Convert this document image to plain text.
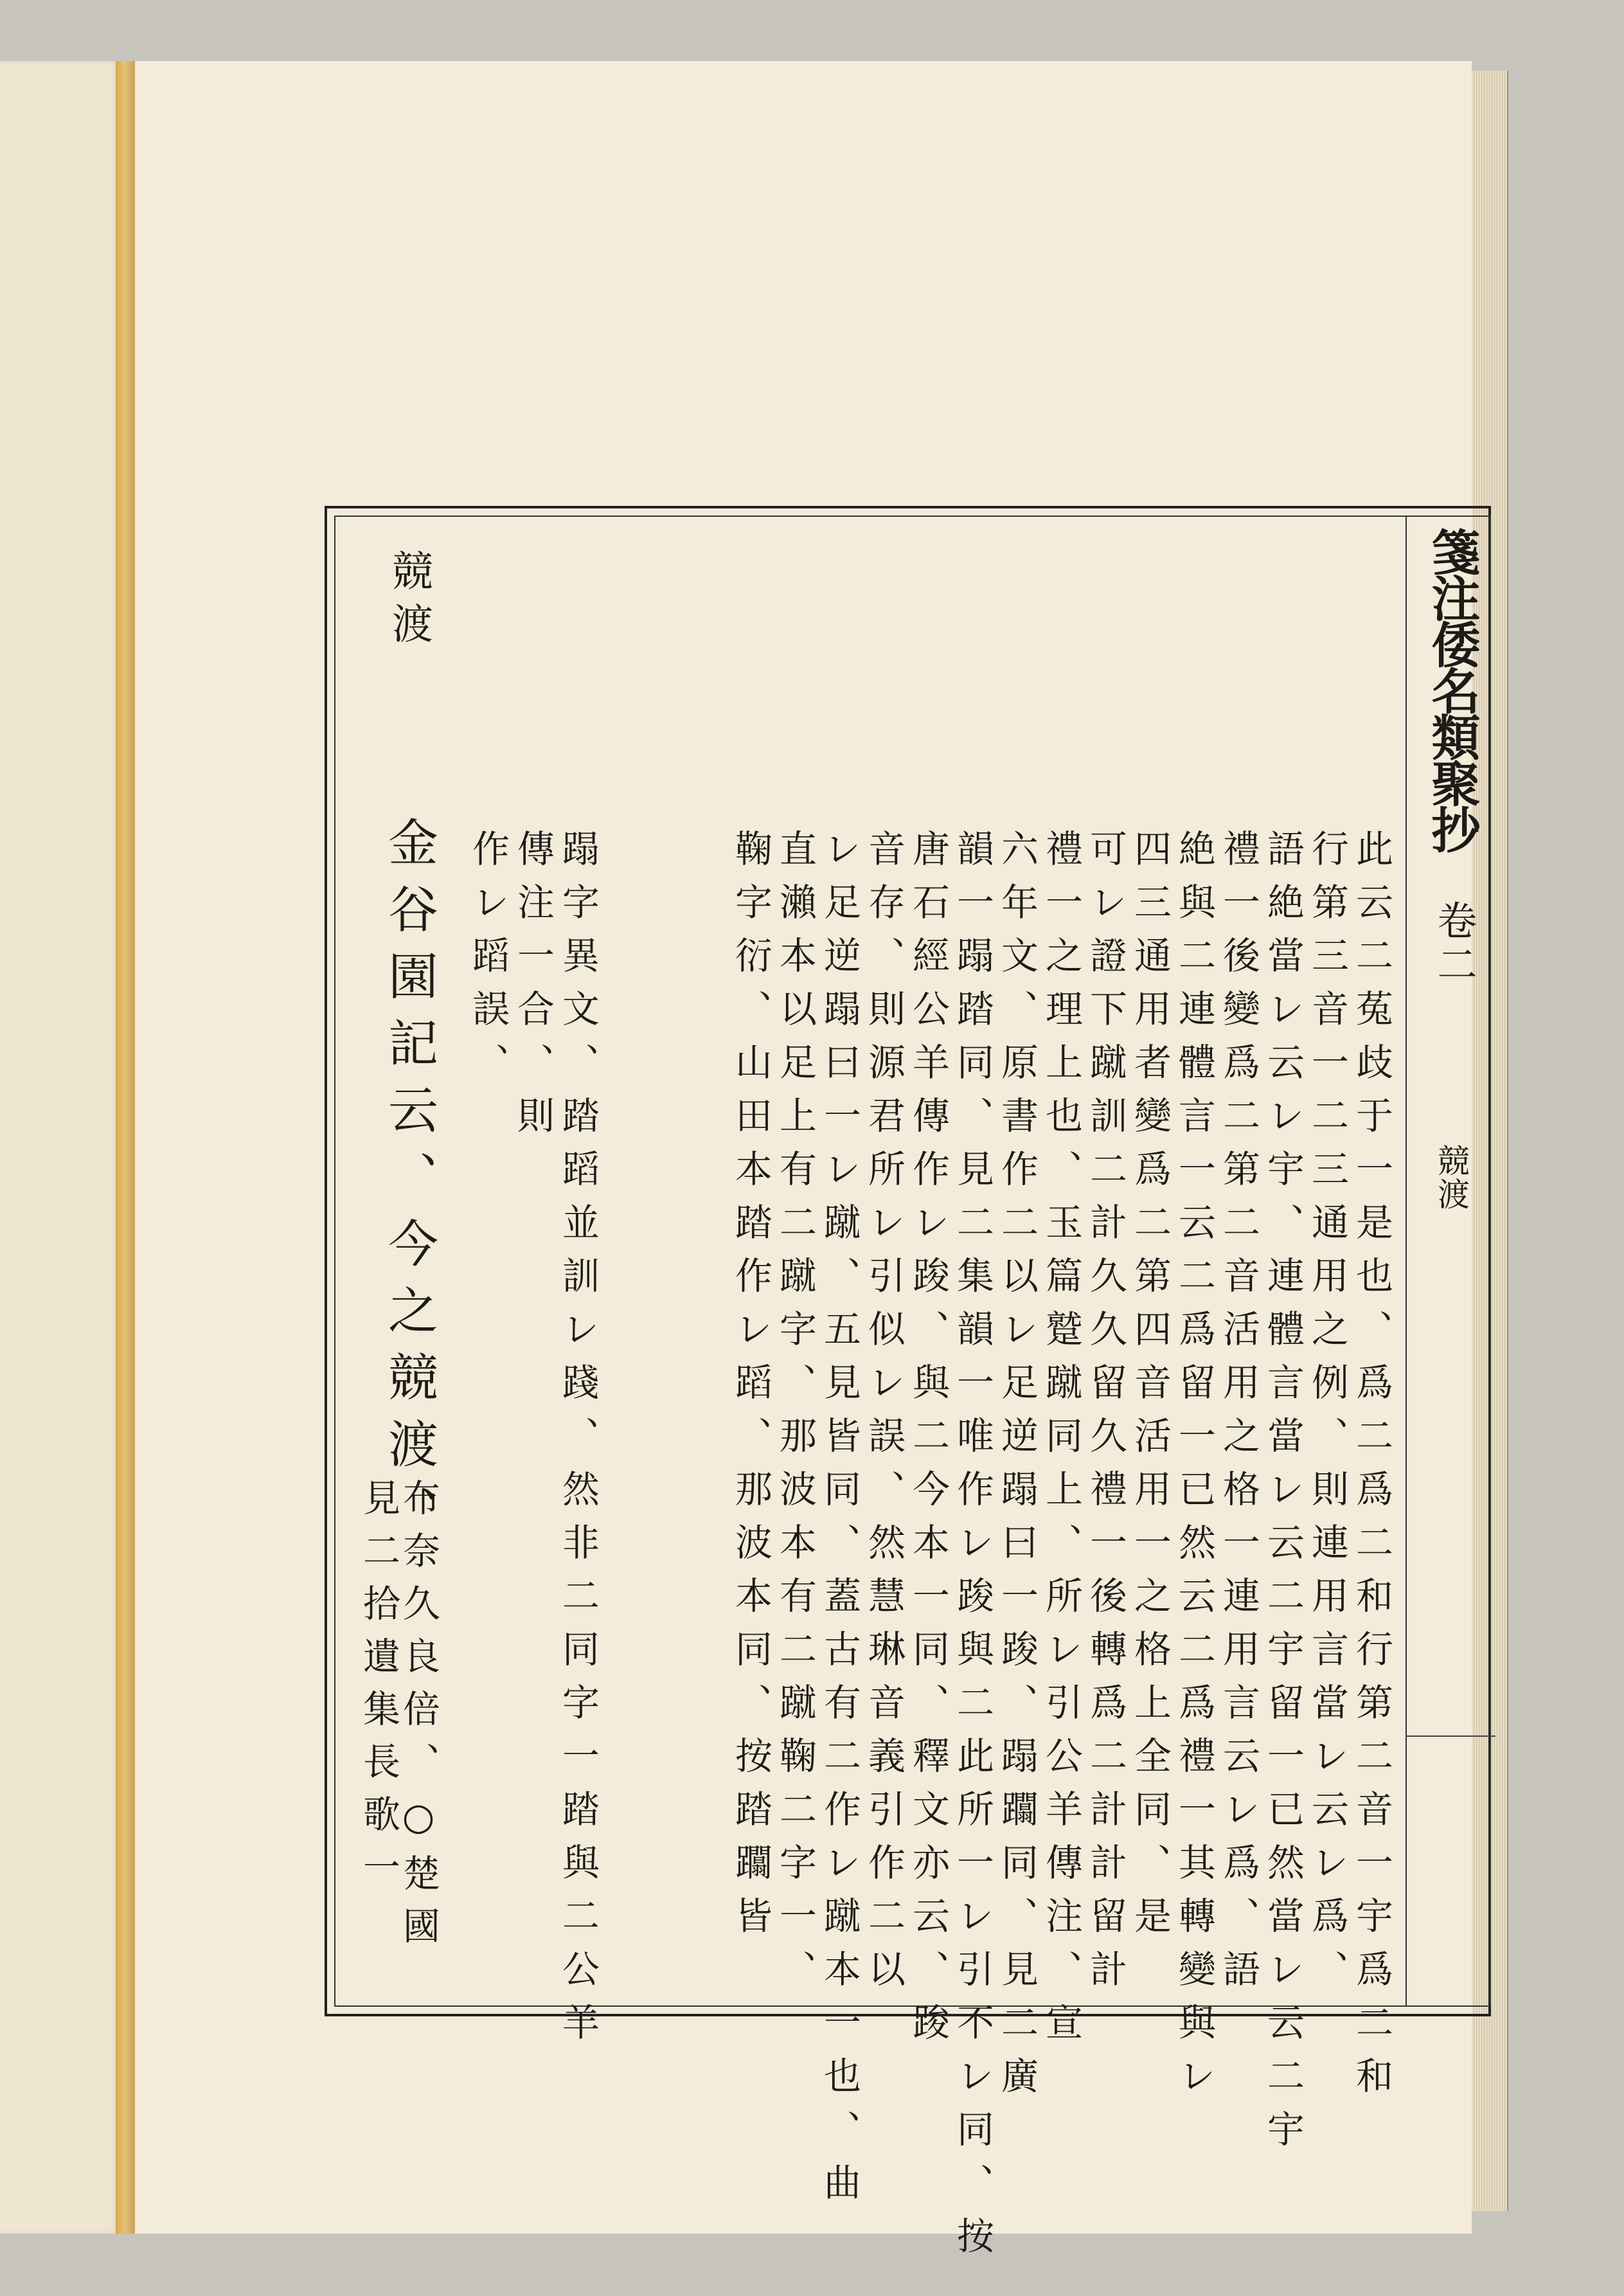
箋注倭名類聚抄
卷二
競渡
競渡
此云二菟歧于一是也、爲二爲二和行第二音一宇爲二和
行第三音一二三通用之例、則連用言當レ云レ爲、
語絶當レ云レ宇、連體言當レ云二宇留一已然當レ云二宇
禮一後變爲二第二音活用之格一連用言云レ爲、語
絶與二連體言一云二爲留一已然云二爲禮一其轉變與レ
四三通用者變爲二第四音活用一之格上全同、是
可レ證下蹴訓二計久久留久禮一後轉爲二計計留計
禮一之理上也、玉篇蹵蹴同上、所レ引公羊傳注、宣
六年文、原書作二以レ足逆蹋曰一踆、蹋躢同、見二廣
韻一蹋踏同、見二集韻一唯作レ踆與二此所一レ引不レ同、按
唐石經公羊傳作レ踆、與二今本一同、釋文亦云、踆
音存、則源君所レ引似レ誤、然慧琳音義引作二以
レ足逆蹋曰一レ蹴、五見皆同、蓋古有二作レ蹴本一也、曲
直瀨本以足上有二蹴字、那波本有二蹴鞠二字一、
鞠字衍、山田本踏作レ蹈、那波本同、按踏躢皆
蹋字異文、踏蹈並訓レ踐、然非二同字一踏與二公羊
傳注一合、則
作レ蹈誤、
金谷園記云、今之競渡、
布奈久良倍、○楚國
見二拾遺集長歌一
